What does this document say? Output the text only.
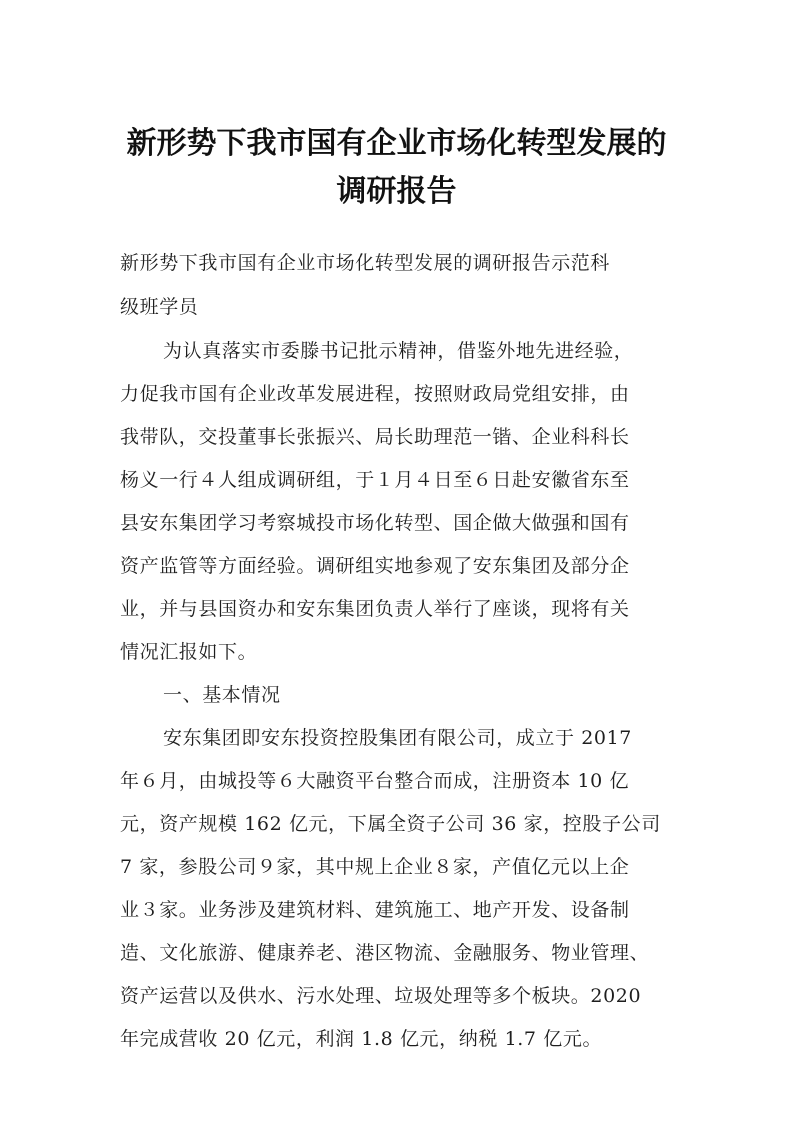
新形势下我市国有企业市场化转型发展的
调研报告
新形势下我市国有企业市场化转型发展的调研报告示范科
级班学员
为认真落实市委滕书记批示精神，借鉴外地先进经验，
力促我市国有企业改革发展进程，按照财政局党组安排，由
我带队，交投董事长张振兴、局长助理范一锴、企业科科长
杨义一行４人组成调研组，于１月４日至６日赴安徽省东至
县安东集团学习考察城投市场化转型、国企做大做强和国有
资产监管等方面经验。调研组实地参观了安东集团及部分企
业，并与县国资办和安东集团负责人举行了座谈，现将有关
情况汇报如下。
一、基本情况
安东集团即安东投资控股集团有限公司，成立于 2017
年６月，由城投等６大融资平台整合而成，注册资本 10 亿
元，资产规模 162 亿元，下属全资子公司 36 家，控股子公司
7 家，参股公司９家，其中规上企业８家，产值亿元以上企
业３家。业务涉及建筑材料、建筑施工、地产开发、设备制
造、文化旅游、健康养老、港区物流、金融服务、物业管理、
资产运营以及供水、污水处理、垃圾处理等多个板块。2020
年完成营收 20 亿元，利润 1.8 亿元，纳税 1.7 亿元。
